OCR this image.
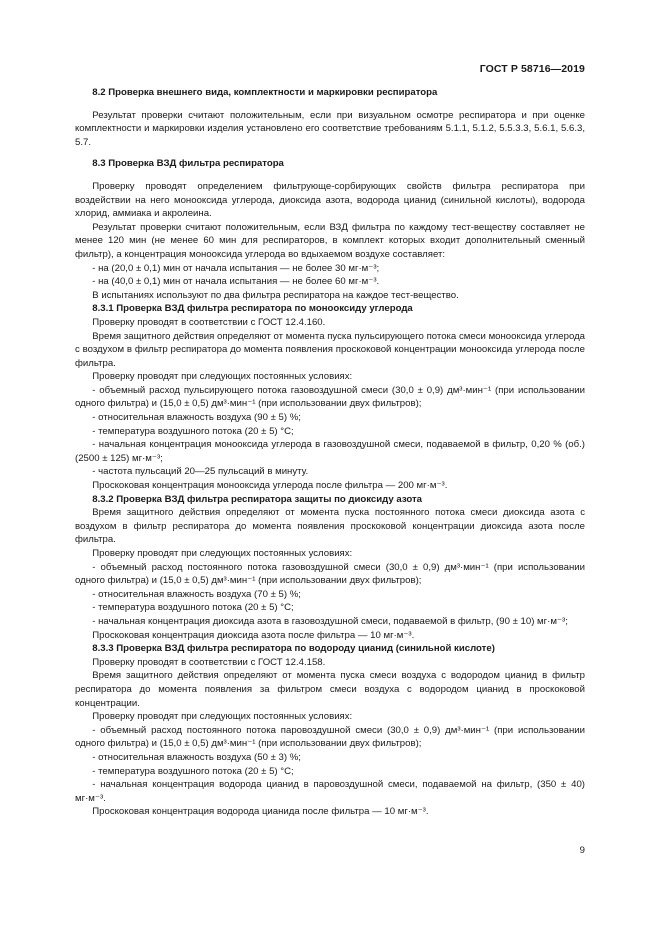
ГОСТ Р 58716—2019

8.2 Проверка внешнего вида, комплектности и маркировки респиратора

Результат проверки считают положительным, если при визуальном осмотре респиратора и при оценке комплектности и маркировки изделия установлено его соответствие требованиям 5.1.1, 5.1.2, 5.5.3.3, 5.6.1, 5.6.3, 5.7.

8.3 Проверка ВЗД фильтра респиратора

Проверку проводят определением фильтрующе-сорбирующих свойств фильтра респиратора при воздействии на него монооксида углерода, диоксида азота, водорода цианид (синильной кислоты), водорода хлорид, аммиака и акролеина.

Результат проверки считают положительным, если ВЗД фильтра по каждому тест-веществу составляет не менее 120 мин (не менее 60 мин для респираторов, в комплект которых входит дополнительный сменный фильтр), а концентрация монооксида углерода во вдыхаемом воздухе составляет:

- на (20,0 ± 0,1) мин от начала испытания — не более 30 мг·м⁻³;

- на (40,0 ± 0,1) мин от начала испытания — не более 60 мг·м⁻³.

В испытаниях используют по два фильтра респиратора на каждое тест-вещество.

8.3.1 Проверка ВЗД фильтра респиратора по монооксиду углерода

Проверку проводят в соответствии с ГОСТ 12.4.160.

Время защитного действия определяют от момента пуска пульсирующего потока смеси монооксида углерода с воздухом в фильтр респиратора до момента появления проскоковой концентрации монооксида углерода после фильтра.

Проверку проводят при следующих постоянных условиях:

- объемный расход пульсирующего потока газовоздушной смеси (30,0 ± 0,9) дм³·мин⁻¹ (при использовании одного фильтра) и (15,0 ± 0,5) дм³·мин⁻¹ (при использовании двух фильтров);

- относительная влажность воздуха (90 ± 5) %;

- температура воздушного потока (20 ± 5) °С;

- начальная концентрация монооксида углерода в газовоздушной смеси, подаваемой в фильтр, 0,20 % (об.) (2500 ± 125) мг·м⁻³;

- частота пульсаций 20—25 пульсаций в минуту.

Проскоковая концентрация монооксида углерода после фильтра — 200 мг·м⁻³.

8.3.2 Проверка ВЗД фильтра респиратора защиты по диоксиду азота

Время защитного действия определяют от момента пуска постоянного потока смеси диоксида азота с воздухом в фильтр респиратора до момента появления проскоковой концентрации диоксида азота после фильтра.

Проверку проводят при следующих постоянных условиях:

- объемный расход постоянного потока газовоздушной смеси (30,0 ± 0,9) дм³·мин⁻¹ (при использовании одного фильтра) и (15,0 ± 0,5) дм³·мин⁻¹ (при использовании двух фильтров);

- относительная влажность воздуха (70 ± 5) %;

- температура воздушного потока (20 ± 5) °С;

- начальная концентрация диоксида азота в газовоздушной смеси, подаваемой в фильтр, (90 ± 10) мг·м⁻³;

Проскоковая концентрация диоксида азота после фильтра — 10 мг·м⁻³.

8.3.3 Проверка ВЗД фильтра респиратора по водороду цианид (синильной кислоте)

Проверку проводят в соответствии с ГОСТ 12.4.158.

Время защитного действия определяют от момента пуска смеси воздуха с водородом цианид в фильтр респиратора до момента появления за фильтром смеси воздуха с водородом цианид в проскоковой концентрации.

Проверку проводят при следующих постоянных условиях:

- объемный расход постоянного потока паровоздушной смеси (30,0 ± 0,9) дм³·мин⁻¹ (при использовании одного фильтра) и (15,0 ± 0,5) дм³·мин⁻¹ (при использовании двух фильтров);

- относительная влажность воздуха (50 ± 3) %;

- температура воздушного потока (20 ± 5) °С;

- начальная концентрация водорода цианид в паровоздушной смеси, подаваемой на фильтр, (350 ± 40) мг·м⁻³.

Проскоковая концентрация водорода цианида после фильтра — 10 мг·м⁻³.

9
